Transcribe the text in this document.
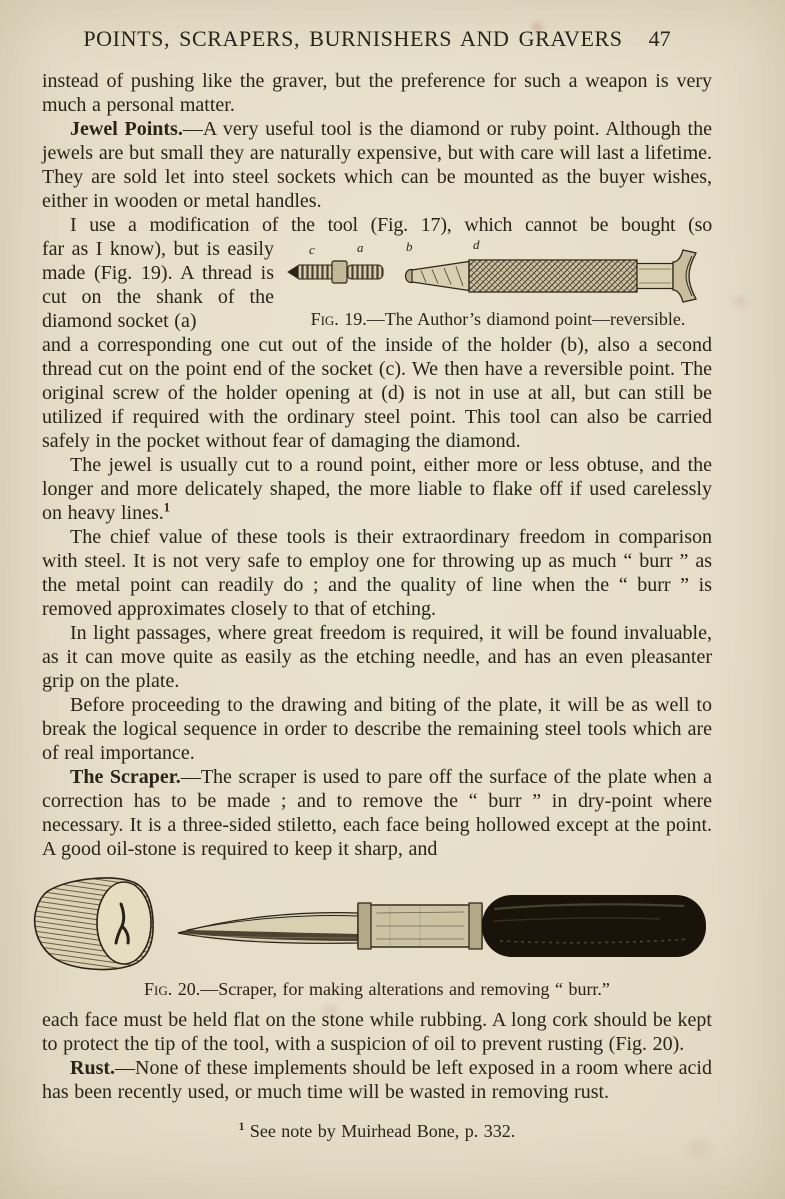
POINTS, SCRAPERS, BURNISHERS AND GRAVERS 47

instead of pushing like the graver, but the preference for such a weapon is very much a personal matter.

Jewel Points.—A very useful tool is the diamond or ruby point. Although the jewels are but small they are naturally expensive, but with care will last a lifetime. They are sold let into steel sockets which can be mounted as the buyer wishes, either in wooden or metal handles.

I use a modification of the tool (Fig. 17), which cannot be bought (so

far as I know), but is easily made (Fig. 19). A thread is cut on the shank of the diamond socket (a)

c	a	b	d
Fig. 19.—The Author’s diamond point—reversible.

and a corresponding one cut out of the inside of the holder (b), also a second thread cut on the point end of the socket (c). We then have a reversible point. The original screw of the holder opening at (d) is not in use at all, but can still be utilized if required with the ordinary steel point. This tool can also be carried safely in the pocket without fear of damaging the diamond.

The jewel is usually cut to a round point, either more or less obtuse, and the longer and more delicately shaped, the more liable to flake off if used carelessly on heavy lines.$^1$

The chief value of these tools is their extraordinary freedom in comparison with steel. It is not very safe to employ one for throwing up as much “ burr ” as the metal point can readily do ; and the quality of line when the “ burr ” is removed approximates closely to that of etching.

In light passages, where great freedom is required, it will be found invaluable, as it can move quite as easily as the etching needle, and has an even pleasanter grip on the plate.

Before proceeding to the drawing and biting of the plate, it will be as well to break the logical sequence in order to describe the remaining steel tools which are of real importance.

The Scraper.—The scraper is used to pare off the surface of the plate when a correction has to be made ; and to remove the “ burr ” in dry-point where necessary. It is a three-sided stiletto, each face being hollowed except at the point. A good oil-stone is required to keep it sharp, and

Fig. 20.—Scraper, for making alterations and removing “ burr.”

each face must be held flat on the stone while rubbing. A long cork should be kept to protect the tip of the tool, with a suspicion of oil to prevent rusting (Fig. 20).

Rust.—None of these implements should be left exposed in a room where acid has been recently used, or much time will be wasted in removing rust.

$^1$ See note by Muirhead Bone, p. 332.
